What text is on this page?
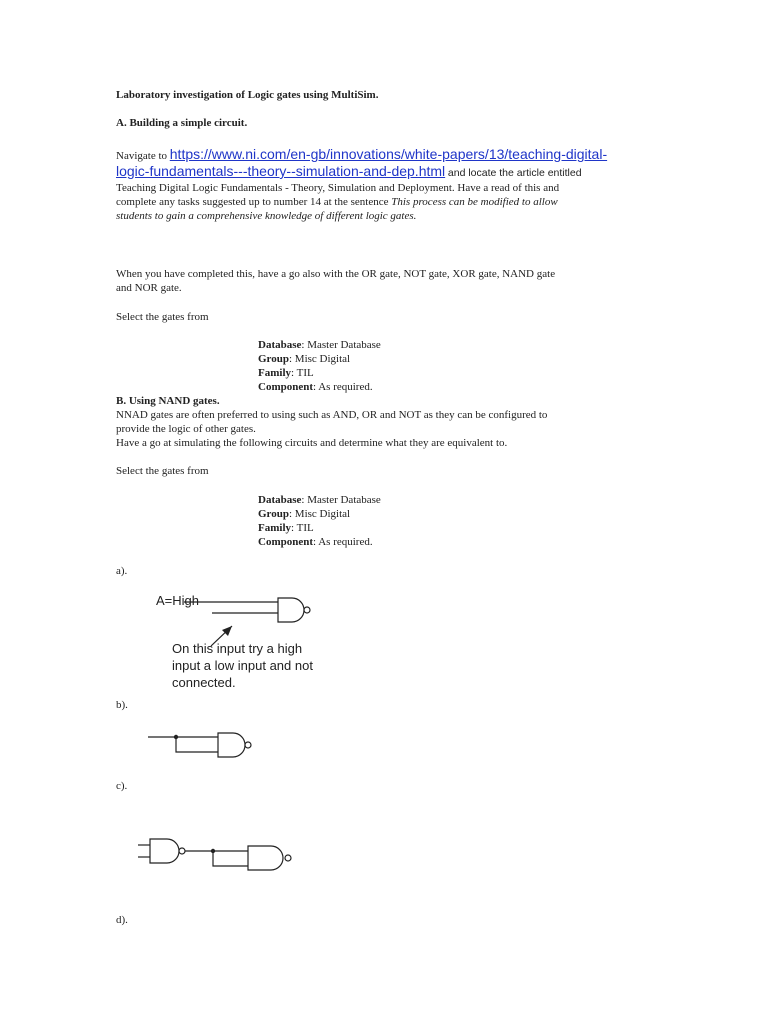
Laboratory investigation of Logic gates using MultiSim.
A. Building a simple circuit.
Navigate to https://www.ni.com/en-gb/innovations/white-papers/13/teaching-digital-
logic-fundamentals---theory--simulation-and-dep.html and locate the article entitled
Teaching Digital Logic Fundamentals - Theory, Simulation and Deployment. Have a read of this and
complete any tasks suggested up to number 14 at the sentence This process can be modified to allow
students to gain a comprehensive knowledge of different logic gates.
When you have completed this, have a go also with the OR gate, NOT gate, XOR gate, NAND gate
and NOR gate.
Select the gates from
Database: Master Database
Group: Misc Digital
Family: TIL
Component: As required.
B. Using NAND gates.
NNAD gates are often preferred to using such as AND, OR and NOT as they can be configured to
provide the logic of other gates.
Have a go at simulating the following circuits and determine what they are equivalent to.
Select the gates from
Database: Master Database
Group: Misc Digital
Family: TIL
Component: As required.
a).
A=High
On this input try a high
input a low input and not
connected.
b).
c).
d).
